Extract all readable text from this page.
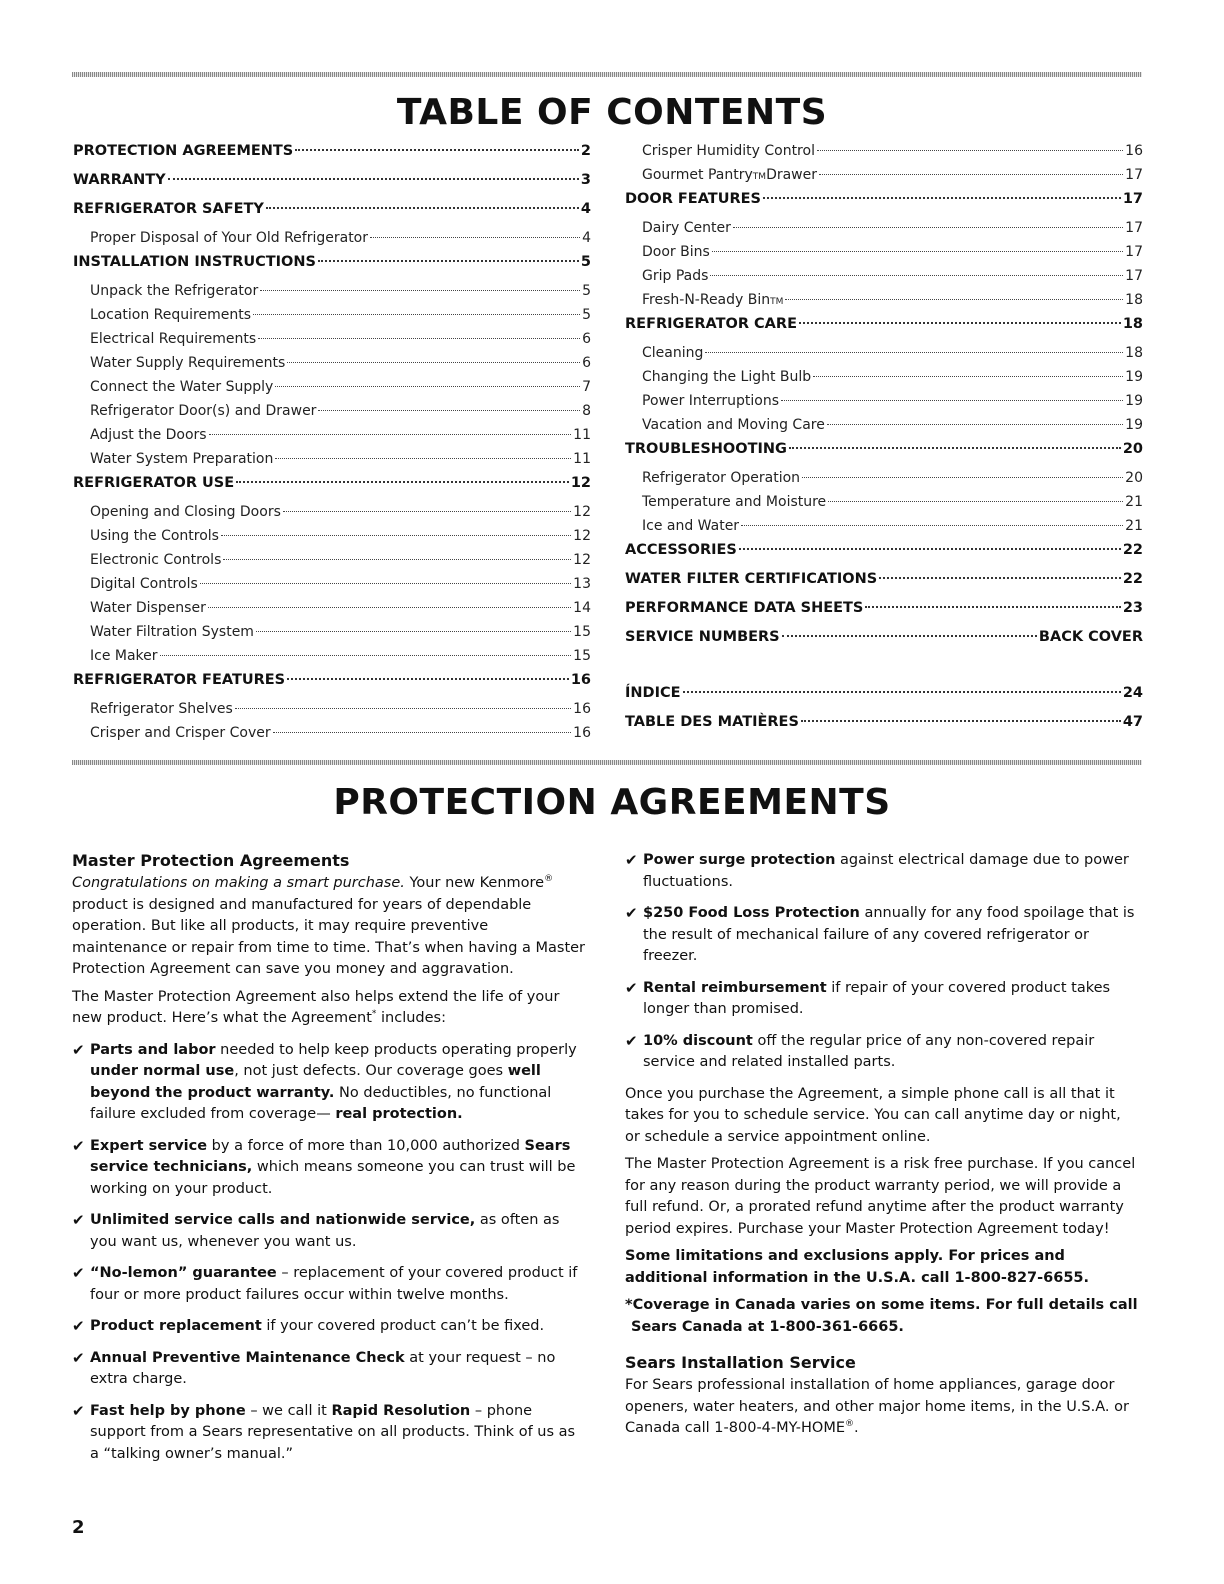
TABLE OF CONTENTS
PROTECTION AGREEMENTS	2
WARRANTY	3
REFRIGERATOR SAFETY	4
Proper Disposal of Your Old Refrigerator	4
INSTALLATION INSTRUCTIONS	5
Unpack the Refrigerator	5
Location Requirements	5
Electrical Requirements	6
Water Supply Requirements	6
Connect the Water Supply	7
Refrigerator Door(s) and Drawer	8
Adjust the Doors	11
Water System Preparation	11
REFRIGERATOR USE	12
Opening and Closing Doors	12
Using the Controls	12
Electronic Controls	12
Digital Controls	13
Water Dispenser	14
Water Filtration System	15
Ice Maker	15
REFRIGERATOR FEATURES	16
Refrigerator Shelves	16
Crisper and Crisper Cover	16
Crisper Humidity Control	16
Gourmet Pantry TM Drawer	17
DOOR FEATURES	17
Dairy Center	17
Door Bins	17
Grip Pads	17
Fresh-N-Ready Bin TM	18
REFRIGERATOR CARE	18
Cleaning	18
Changing the Light Bulb	19
Power Interruptions	19
Vacation and Moving Care	19
TROUBLESHOOTING	20
Refrigerator Operation	20
Temperature and Moisture	21
Ice and Water	21
ACCESSORIES	22
WATER FILTER CERTIFICATIONS	22
PERFORMANCE DATA SHEETS	23
SERVICE NUMBERS	BACK COVER
ÍNDICE	24
TABLE DES MATIÈRES	47
PROTECTION AGREEMENTS
Master Protection Agreements

Congratulations on making a smart purchase. Your new Kenmore® product is designed and manufactured for years of dependable operation. But like all products, it may require preventive maintenance or repair from time to time. That’s when having a Master Protection Agreement can save you money and aggravation.

The Master Protection Agreement also helps extend the life of your new product. Here’s what the Agreement* includes:

✔ Parts and labor needed to help keep products operating properly under normal use, not just defects. Our coverage goes well beyond the product warranty. No deductibles, no functional failure excluded from coverage— real protection.
✔ Expert service by a force of more than 10,000 authorized Sears service technicians, which means someone you can trust will be working on your product.
✔ Unlimited service calls and nationwide service, as often as you want us, whenever you want us.
✔ “No-lemon” guarantee – replacement of your covered product if four or more product failures occur within twelve months.
✔ Product replacement if your covered product can’t be fixed.
✔ Annual Preventive Maintenance Check at your request – no extra charge.
✔ Fast help by phone – we call it Rapid Resolution – phone support from a Sears representative on all products. Think of us as a “talking owner’s manual.”
✔ Power surge protection against electrical damage due to power fluctuations.
✔ $250 Food Loss Protection annually for any food spoilage that is the result of mechanical failure of any covered refrigerator or freezer.
✔ Rental reimbursement if repair of your covered product takes longer than promised.
✔ 10% discount off the regular price of any non-covered repair service and related installed parts.

Once you purchase the Agreement, a simple phone call is all that it takes for you to schedule service. You can call anytime day or night, or schedule a service appointment online.

The Master Protection Agreement is a risk free purchase. If you cancel for any reason during the product warranty period, we will provide a full refund. Or, a prorated refund anytime after the product warranty period expires. Purchase your Master Protection Agreement today!

Some limitations and exclusions apply. For prices and additional information in the U.S.A. call 1-800-827-6655.

*Coverage in Canada varies on some items. For full details call
Sears Canada at 1-800-361-6665.

Sears Installation Service

For Sears professional installation of home appliances, garage door openers, water heaters, and other major home items, in the U.S.A. or Canada call 1-800-4-MY-HOME®.

2
